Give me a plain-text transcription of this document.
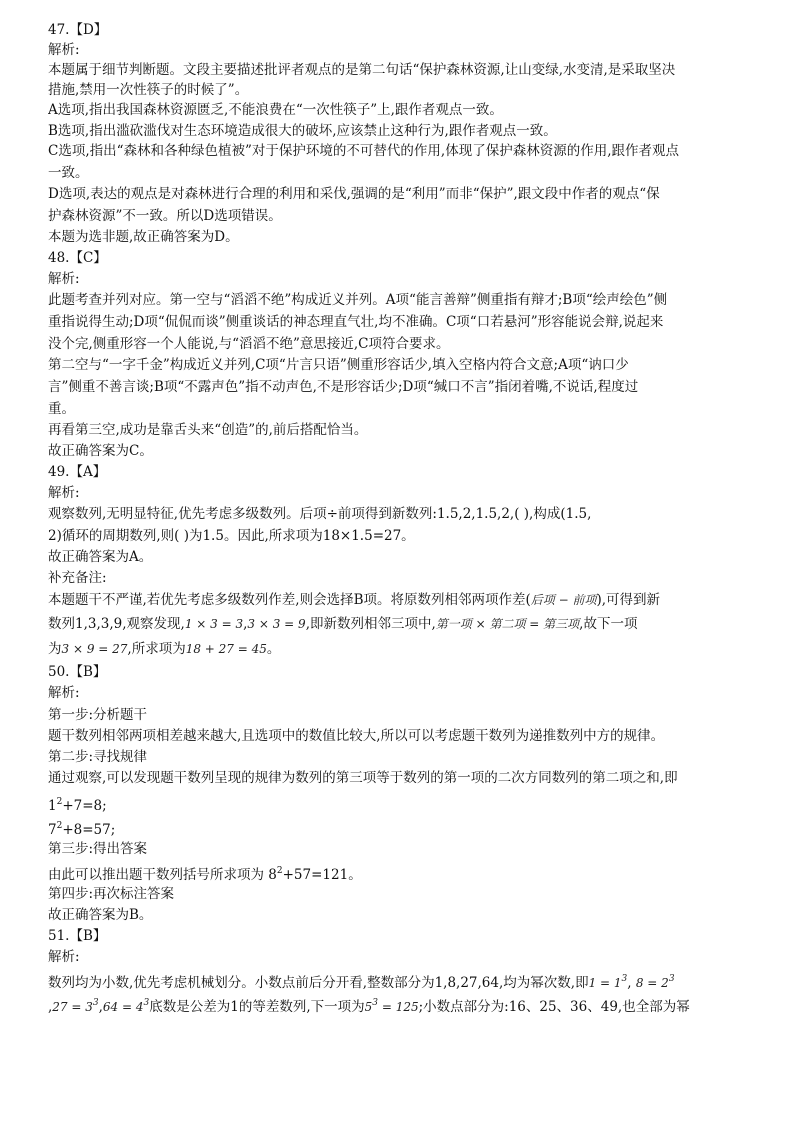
47.【D】
解析:
本题属于细节判断题。文段主要描述批评者观点的是第二句话“保护森林资源,让山变绿,水变清,是采取坚决
措施,禁用一次性筷子的时候了”。
A选项,指出我国森林资源匮乏,不能浪费在“一次性筷子”上,跟作者观点一致。
B选项,指出滥砍滥伐对生态环境造成很大的破坏,应该禁止这种行为,跟作者观点一致。
C选项,指出“森林和各种绿色植被”对于保护环境的不可替代的作用,体现了保护森林资源的作用,跟作者观点
一致。
D选项,表达的观点是对森林进行合理的利用和采伐,强调的是“利用”而非“保护”,跟文段中作者的观点“保
护森林资源”不一致。所以D选项错误。
本题为选非题,故正确答案为D。
48.【C】
解析:
此题考查并列对应。第一空与“滔滔不绝”构成近义并列。A项“能言善辩”侧重指有辩才;B项“绘声绘色”侧
重指说得生动;D项“侃侃而谈”侧重谈话的神态理直气壮,均不准确。C项“口若悬河”形容能说会辩,说起来
没个完,侧重形容一个人能说,与“滔滔不绝”意思接近,C项符合要求。
第二空与“一字千金”构成近义并列,C项“片言只语”侧重形容话少,填入空格内符合文意;A项“讷口少
言”侧重不善言谈;B项“不露声色”指不动声色,不是形容话少;D项“缄口不言”指闭着嘴,不说话,程度过
重。
再看第三空,成功是靠舌头来“创造”的,前后搭配恰当。
故正确答案为C。
49.【A】
解析:
观察数列,无明显特征,优先考虑多级数列。后项÷前项得到新数列:1.5,2,1.5,2,( ),构成(1.5,
2)循环的周期数列,则( )为1.5。因此,所求项为18×1.5=27。
故正确答案为A。
补充备注:
本题题干不严谨,若优先考虑多级数列作差,则会选择B项。将原数列相邻两项作差(后项 − 前项),可得到新
数列1,3,3,9,观察发现,1 × 3 = 3,3 × 3 = 9,即新数列相邻三项中,第一项 × 第二项 = 第三项,故下一项
为3 × 9 = 27,所求项为18 + 27 = 45。
50.【B】
解析:
第一步:分析题干
题干数列相邻两项相差越来越大,且选项中的数值比较大,所以可以考虑题干数列为递推数列中方的规律。
第二步:寻找规律
通过观察,可以发现题干数列呈现的规律为数列的第三项等于数列的第一项的二次方同数列的第二项之和,即
$1^2+7=8$;
$7^2+8=57$;
第三步:得出答案
由此可以推出题干数列括号所求项为 $8^2+57=121$。
第四步:再次标注答案
故正确答案为B。
51.【B】
解析:
数列均为小数,优先考虑机械划分。小数点前后分开看,整数部分为1,8,27,64,均为幂次数,即$1 = 1^3$, $8 = 2^3$
$,27 = 3^3,64 = 4^3$底数是公差为1的等差数列,下一项为$5^3 = 125$;小数点部分为:16、25、36、49,也全部为幂
